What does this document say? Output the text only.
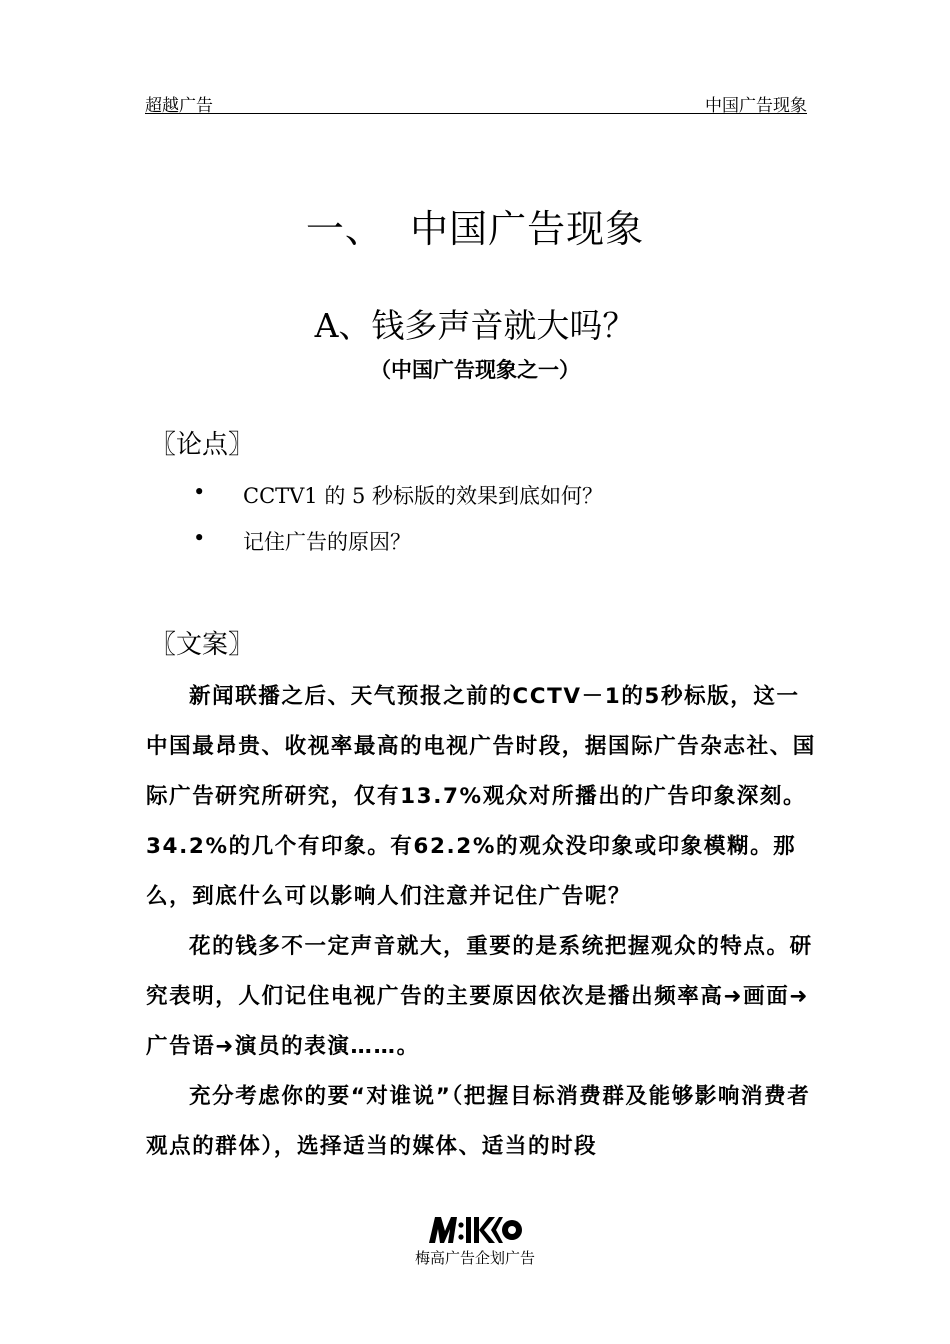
超越广告	中国广告现象
一、  中国广告现象
A、钱多声音就大吗？
（中国广告现象之一）
〖论点〗
• CCTV1 的 5 秒标版的效果到底如何？
• 记住广告的原因？
〖文案〗

新闻联播之后、天气预报之前的CCTV－1的5秒标版，这一中国最昂贵、收视率最高的电视广告时段，据国际广告杂志社、国际广告研究所研究，仅有13.7%观众对所播出的广告印象深刻。34.2%的几个有印象。有62.2%的观众没印象或印象模糊。那么，到底什么可以影响人们注意并记住广告呢？

花的钱多不一定声音就大，重要的是系统把握观众的特点。研究表明，人们记住电视广告的主要原因依次是播出频率高➜画面➜广告语➜演员的表演……。

充分考虑你的要“对谁说”（把握目标消费群及能够影响消费者观点的群体），选择适当的媒体、适当的时段

梅高广告企划广告
